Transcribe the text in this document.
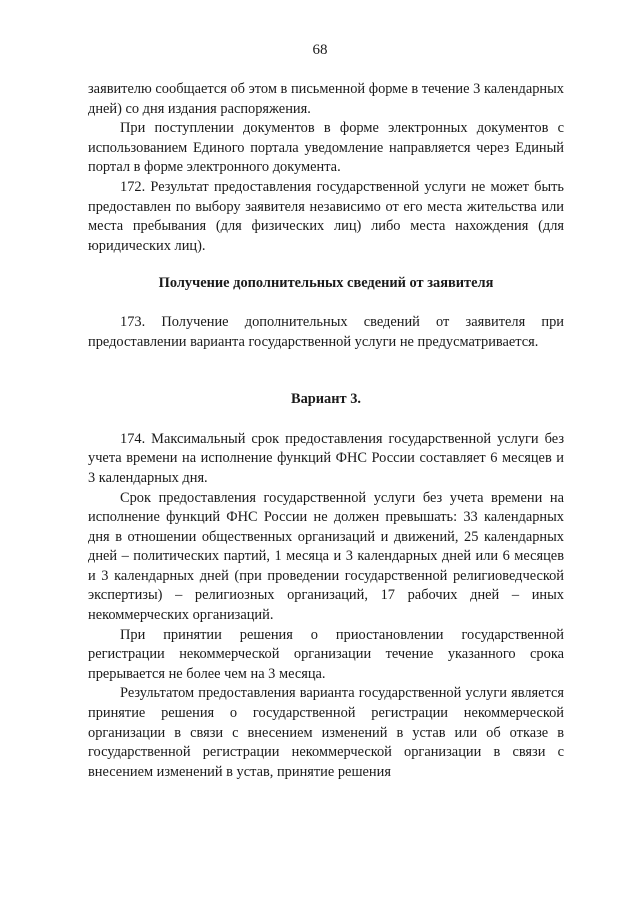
68

заявителю сообщается об этом в письменной форме в течение 3 календарных дней) со дня издания распоряжения.

При поступлении документов в форме электронных документов с использованием Единого портала уведомление направляется через Единый портал в форме электронного документа.

172. Результат предоставления государственной услуги не может быть предоставлен по выбору заявителя независимо от его места жительства или места пребывания (для физических лиц) либо места нахождения (для юридических лиц).

Получение дополнительных сведений от заявителя

173. Получение дополнительных сведений от заявителя при предоставлении варианта государственной услуги не предусматривается.

Вариант 3.

174. Максимальный срок предоставления государственной услуги без учета времени на исполнение функций ФНС России составляет 6 месяцев и 3 календарных дня.

Срок предоставления государственной услуги без учета времени на исполнение функций ФНС России не должен превышать: 33 календарных дня в отношении общественных организаций и движений, 25 календарных дней – политических партий, 1 месяца и 3 календарных дней или 6 месяцев и 3 календарных дней (при проведении государственной религиоведческой экспертизы) – религиозных организаций, 17 рабочих дней – иных некоммерческих организаций.

При принятии решения о приостановлении государственной регистрации некоммерческой организации течение указанного срока прерывается не более чем на 3 месяца.

Результатом предоставления варианта государственной услуги является принятие решения о государственной регистрации некоммерческой организации в связи с внесением изменений в устав или об отказе в государственной регистрации некоммерческой организации в связи с внесением изменений в устав, принятие решения
